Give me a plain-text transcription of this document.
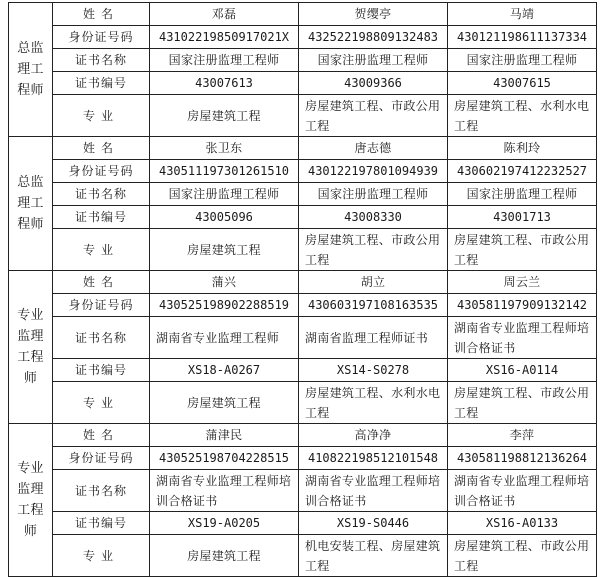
总监理工程师	姓名	邓磊	贺缨亭	马靖
	身份证号码	43102219850917021X	432522198809132483	430121198611137334
	证书名称	国家注册监理工程师	国家注册监理工程师	国家注册监理工程师
	证书编号	43007613	43009366	43007615
	专业	房屋建筑工程	房屋建筑工程、市政公用工程	房屋建筑工程、水利水电工程
总监理工程师	姓名	张卫东	唐志德	陈利玲
	身份证号码	430511197301261510	430122197801094939	430602197412232527
	证书名称	国家注册监理工程师	国家注册监理工程师	国家注册监理工程师
	证书编号	43005096	43008330	43001713
	专业	房屋建筑工程	房屋建筑工程、市政公用工程	房屋建筑工程、市政公用工程
专业监理工程师	姓名	蒲兴	胡立	周云兰
	身份证号码	430525198902288519	430603197108163535	430581197909132142
	证书名称	湖南省专业监理工程师	湖南省监理工程师证书	湖南省专业监理工程师培训合格证书
	证书编号	XS18-A0267	XS14-S0278	XS16-A0114
	专业	房屋建筑工程	房屋建筑工程、水利水电工程	房屋建筑工程、市政公用工程
专业监理工程师	姓名	蒲津民	高净净	李萍
	身份证号码	430525198704228515	410822198512101548	430581198812136264
	证书名称	湖南省专业监理工程师培训合格证书	湖南省专业监理工程师培训合格证书	湖南省专业监理工程师培训合格证书
	证书编号	XS19-A0205	XS19-S0446	XS16-A0133
	专业	房屋建筑工程	机电安装工程、房屋建筑工程	房屋建筑工程、市政公用工程
